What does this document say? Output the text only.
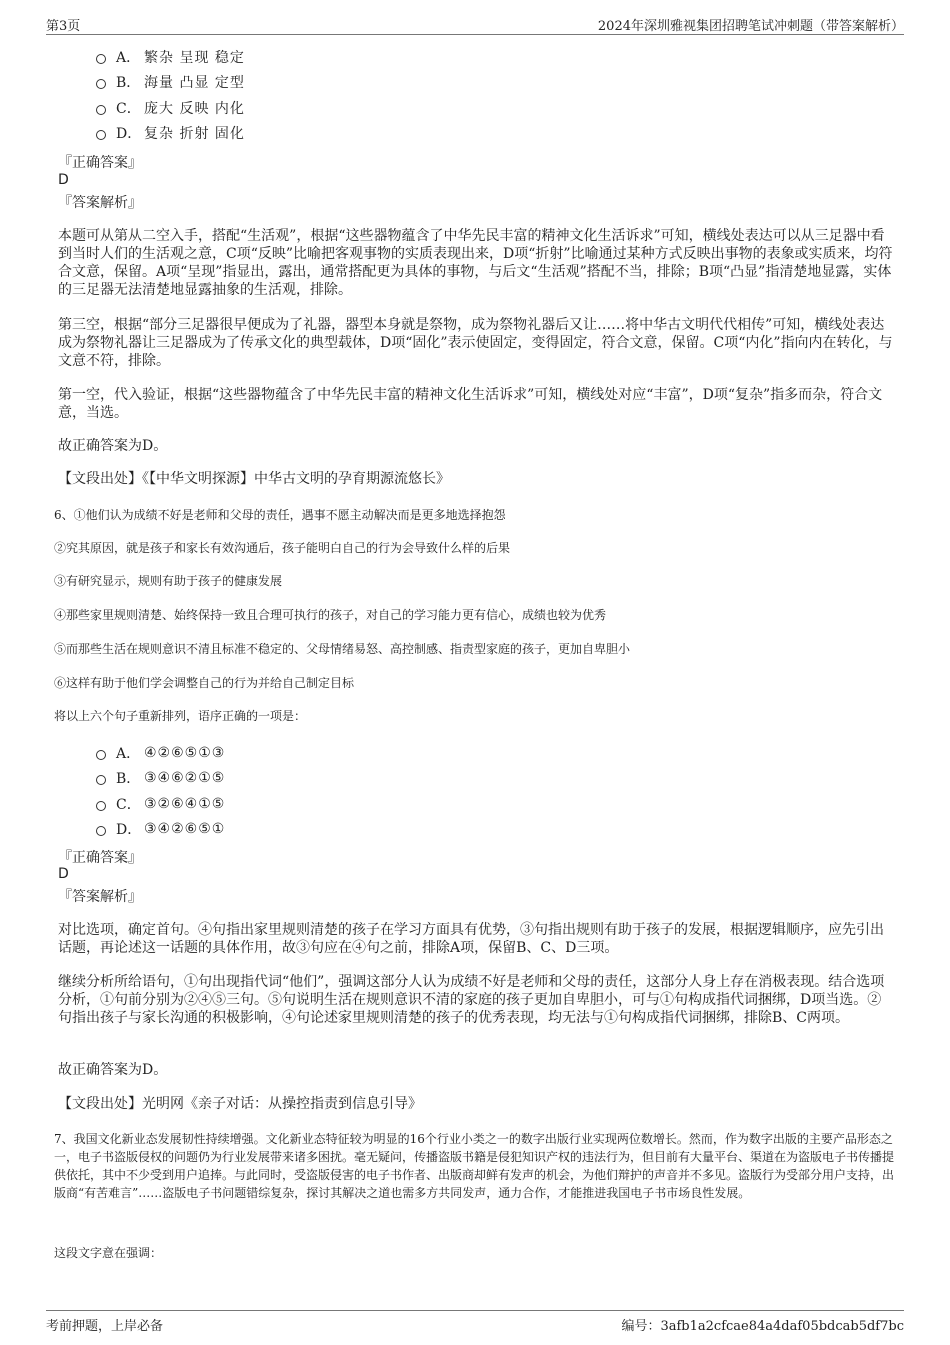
第3页	2024年深圳雅视集团招聘笔试冲刺题（带答案解析）
A． 繁杂 呈现 稳定
B． 海量 凸显 定型
C． 庞大 反映 内化
D． 复杂 折射 固化
『正确答案』
D
『答案解析』
本题可从第从二空入手，搭配“生活观”，根据“这些器物蕴含了中华先民丰富的精神文化生活诉求”可知，横线处表达可以从三足器中看到当时人们的生活观之意，C项“反映”比喻把客观事物的实质表现出来，D项“折射”比喻通过某种方式反映出事物的表象或实质来，均符合文意，保留。A项“呈现”指显出，露出，通常搭配更为具体的事物，与后文“生活观”搭配不当，排除；B项“凸显”指清楚地显露，实体的三足器无法清楚地显露抽象的生活观，排除。
第三空，根据“部分三足器很早便成为了礼器，器型本身就是祭物，成为祭物礼器后又让……将中华古文明代代相传”可知，横线处表达成为祭物礼器让三足器成为了传承文化的典型载体，D项“固化”表示使固定，变得固定，符合文意，保留。C项“内化”指向内在转化，与文意不符，排除。
第一空，代入验证，根据“这些器物蕴含了中华先民丰富的精神文化生活诉求”可知，横线处对应“丰富”，D项“复杂”指多而杂，符合文意，当选。
故正确答案为D。
【文段出处】《【中华文明探源】中华古文明的孕育期源流悠长》
6、①他们认为成绩不好是老师和父母的责任，遇事不愿主动解决而是更多地选择抱怨
②究其原因，就是孩子和家长有效沟通后，孩子能明白自己的行为会导致什么样的后果
③有研究显示，规则有助于孩子的健康发展
④那些家里规则清楚、始终保持一致且合理可执行的孩子，对自己的学习能力更有信心，成绩也较为优秀
⑤而那些生活在规则意识不清且标准不稳定的、父母情绪易怒、高控制感、指责型家庭的孩子，更加自卑胆小
⑥这样有助于他们学会调整自己的行为并给自己制定目标
将以上六个句子重新排列，语序正确的一项是：
A． ④②⑥⑤①③
B． ③④⑥②①⑤
C． ③②⑥④①⑤
D． ③④②⑥⑤①
『正确答案』
D
『答案解析』
对比选项，确定首句。④句指出家里规则清楚的孩子在学习方面具有优势，③句指出规则有助于孩子的发展，根据逻辑顺序，应先引出话题，再论述这一话题的具体作用，故③句应在④句之前，排除A项，保留B、C、D三项。
继续分析所给语句，①句出现指代词“他们”，强调这部分人认为成绩不好是老师和父母的责任，这部分人身上存在消极表现。结合选项分析，①句前分别为②④⑤三句。⑤句说明生活在规则意识不清的家庭的孩子更加自卑胆小，可与①句构成指代词捆绑，D项当选。②句指出孩子与家长沟通的积极影响，④句论述家里规则清楚的孩子的优秀表现，均无法与①句构成指代词捆绑，排除B、C两项。
故正确答案为D。
【文段出处】光明网《亲子对话：从操控指责到信息引导》
7、我国文化新业态发展韧性持续增强。文化新业态特征较为明显的16个行业小类之一的数字出版行业实现两位数增长。然而，作为数字出版的主要产品形态之一，电子书盗版侵权的问题仍为行业发展带来诸多困扰。毫无疑问，传播盗版书籍是侵犯知识产权的违法行为，但目前有大量平台、渠道在为盗版电子书传播提供依托，其中不少受到用户追捧。与此同时，受盗版侵害的电子书作者、出版商却鲜有发声的机会，为他们辩护的声音并不多见。盗版行为受部分用户支持，出版商“有苦难言”……盗版电子书问题错综复杂，探讨其解决之道也需多方共同发声，通力合作，才能推进我国电子书市场良性发展。
这段文字意在强调：
考前押题，上岸必备	编号：3afb1a2cfcae84a4daf05bdcab5df7bc
